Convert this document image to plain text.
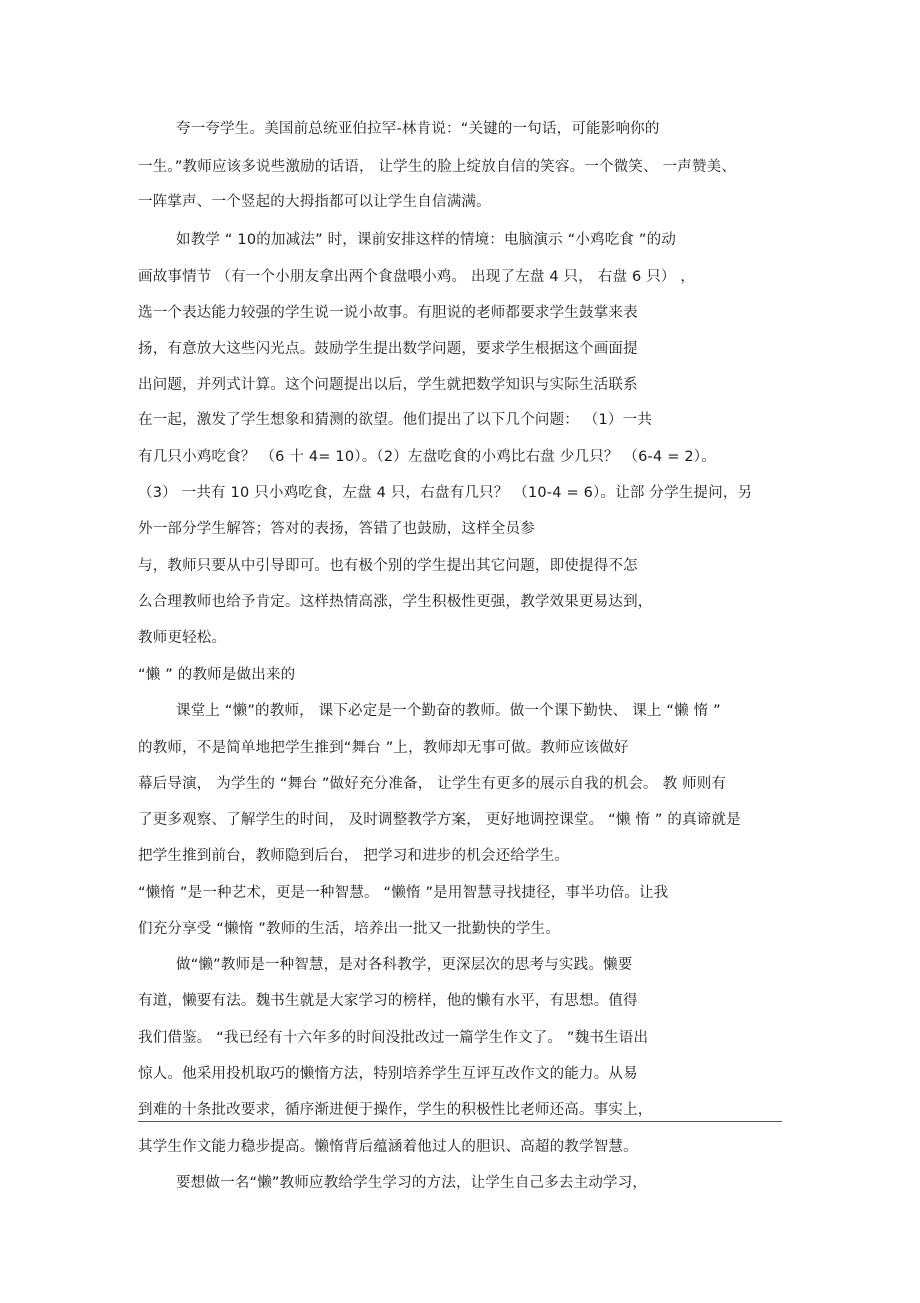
夸一夸学生。美国前总统亚伯拉罕-林肯说：“关键的一句话，可能影响你的
一生。”教师应该多说些激励的话语， 让学生的脸上绽放自信的笑容。一个微笑、 一声赞美、
一阵掌声、一个竖起的大拇指都可以让学生自信满满。
如教学 “ 10的加减法” 时，课前安排这样的情境：电脑演示 “小鸡吃食 ”的动
画故事情节 （有一个小朋友拿出两个食盘喂小鸡。 出现了左盘 4 只， 右盘 6 只） ，
选一个表达能力较强的学生说一说小故事。有胆说的老师都要求学生鼓掌来表
扬，有意放大这些闪光点。鼓励学生提出数学问题，要求学生根据这个画面提
出问题，并列式计算。这个问题提出以后，学生就把数学知识与实际生活联系
在一起，激发了学生想象和猜测的欲望。他们提出了以下几个问题： （1）一共
有几只小鸡吃食？ （6 十 4= 10）。（2）左盘吃食的小鸡比右盘 少几只？ （6-4 = 2）。
（3） 一共有 10 只小鸡吃食，左盘 4 只，右盘有几只？ （10-4 = 6）。让部 分学生提问，另
外一部分学生解答；答对的表扬，答错了也鼓励，这样全员参
与，教师只要从中引导即可。也有极个别的学生提出其它问题，即使提得不怎
么合理教师也给予肯定。这样热情高涨，学生积极性更强，教学效果更易达到，
教师更轻松。
“懒 ” 的教师是做出来的
课堂上 “懒”的教师， 课下必定是一个勤奋的教师。做一个课下勤快、 课上 “懒 惰 ”
的教师，不是简单地把学生推到“舞台 ”上，教师却无事可做。教师应该做好
幕后导演， 为学生的 “舞台 ”做好充分准备， 让学生有更多的展示自我的机会。 教 师则有
了更多观察、了解学生的时间， 及时调整教学方案， 更好地调控课堂。 “懒 惰 ” 的真谛就是
把学生推到前台，教师隐到后台， 把学习和进步的机会还给学生。
“懒惰 ”是一种艺术，更是一种智慧。 “懒惰 ”是用智慧寻找捷径，事半功倍。让我
们充分享受 “懒惰 ”教师的生活，培养出一批又一批勤快的学生。
做“懒”教师是一种智慧，是对各科教学，更深层次的思考与实践。懒要
有道，懒要有法。魏书生就是大家学习的榜样，他的懒有水平，有思想。值得
我们借鉴。 “我已经有十六年多的时间没批改过一篇学生作文了。 ”魏书生语出
惊人。他采用投机取巧的懒惰方法，特别培养学生互评互改作文的能力。从易
到难的十条批改要求，循序渐进便于操作，学生的积极性比老师还高。事实上，
其学生作文能力稳步提高。懒惰背后蕴涵着他过人的胆识、高超的教学智慧。
要想做一名“懒”教师应教给学生学习的方法，让学生自己多去主动学习，
